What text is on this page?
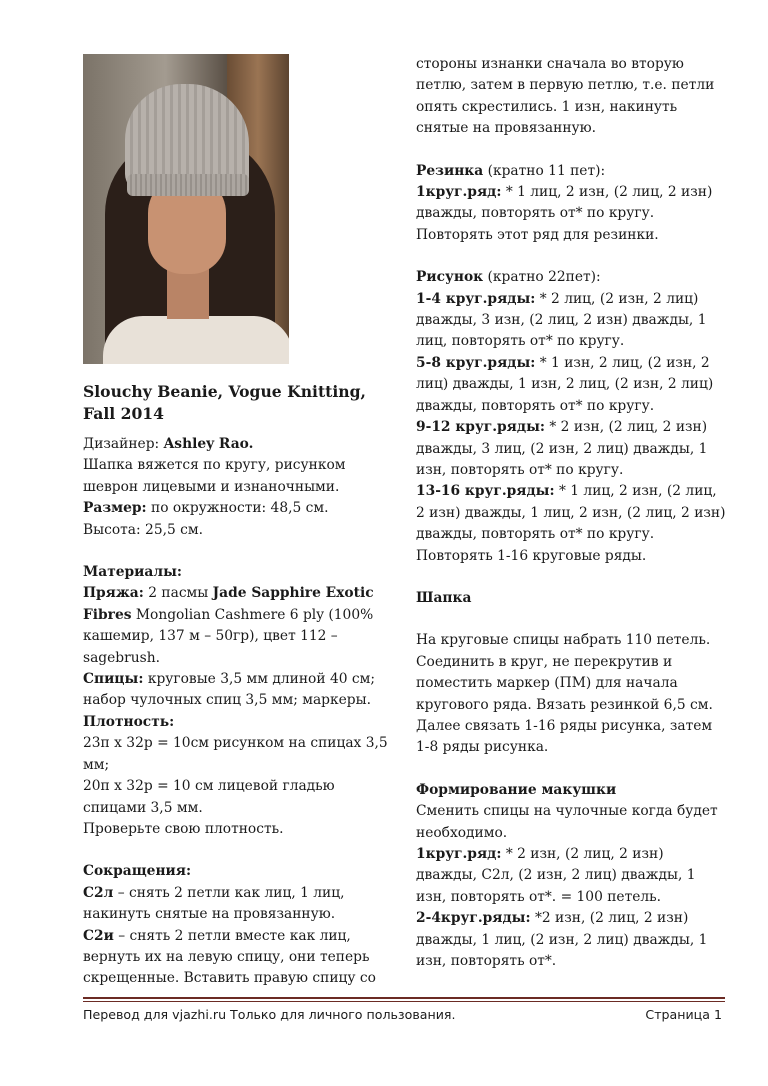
Slouchy Beanie, Vogue Knitting, Fall 2014

Дизайнер: Ashley Rao.

Шапка вяжется по кругу, рисунком шеврон лицевыми и изнаночными.

Размер: по окружности: 48,5 см.

Высота: 25,5 см.

Материалы:

Пряжа: 2 пасмы Jade Sapphire Exotic Fibres Mongolian Cashmere 6 ply (100% кашемир, 137 м – 50гр), цвет 112 – sagebrush.

Спицы: круговые 3,5 мм длиной 40 см; набор чулочных спиц 3,5 мм; маркеры.

Плотность:

23п х 32р = 10см рисунком на спицах 3,5 мм;

20п х 32р = 10 см лицевой гладью спицами 3,5 мм.

Проверьте свою плотность.

Сокращения:

С2л – снять 2 петли как лиц, 1 лиц, накинуть снятые на провязанную.

С2и – снять 2 петли вместе как лиц, вернуть их на левую спицу, они теперь скрещенные. Вставить правую спицу со

стороны изнанки сначала во вторую петлю, затем в первую петлю, т.е. петли опять скрестились. 1 изн, накинуть снятые на провязанную.

Резинка (кратно 11 пет):

1круг.ряд: * 1 лиц, 2 изн, (2 лиц, 2 изн) дважды, повторять от* по кругу.

Повторять этот ряд для резинки.

Рисунок (кратно 22пет):

1-4 круг.ряды: * 2 лиц, (2 изн, 2 лиц) дважды, 3 изн, (2 лиц, 2 изн) дважды, 1 лиц, повторять от* по кругу.

5-8 круг.ряды: * 1 изн, 2 лиц, (2 изн, 2 лиц) дважды, 1 изн, 2 лиц, (2 изн, 2 лиц) дважды, повторять от* по кругу.

9-12 круг.ряды: * 2 изн, (2 лиц, 2 изн) дважды, 3 лиц, (2 изн, 2 лиц) дважды, 1 изн, повторять от* по кругу.

13-16 круг.ряды: * 1 лиц, 2 изн, (2 лиц, 2 изн) дважды, 1 лиц, 2 изн, (2 лиц, 2 изн) дважды, повторять от* по кругу.

Повторять 1-16 круговые ряды.

Шапка

На круговые спицы набрать 110 петель. Соединить в круг, не перекрутив и поместить маркер (ПМ) для начала кругового ряда. Вязать резинкой 6,5 см. Далее связать 1-16 ряды рисунка, затем 1-8 ряды рисунка.

Формирование макушки

Сменить спицы на чулочные когда будет необходимо.

1круг.ряд: * 2 изн, (2 лиц, 2 изн) дважды, С2л, (2 изн, 2 лиц) дважды, 1 изн, повторять от*. = 100 петель.

2-4круг.ряды: *2 изн, (2 лиц, 2 изн) дважды, 1 лиц, (2 изн, 2 лиц) дважды, 1 изн, повторять от*.

Перевод для vjazhi.ru Только для личного пользования.	Страница 1
